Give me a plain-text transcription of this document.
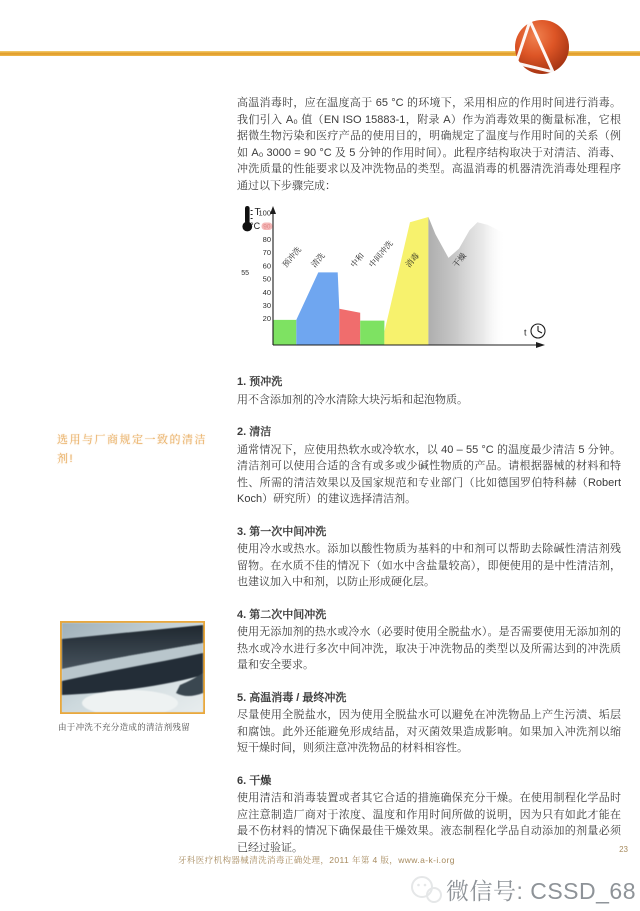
高温消毒时，应在温度高于 65 °C 的环境下，采用相应的作用时间进行消毒。我们引入 A₀ 值（EN ISO 15883-1，附录 A）作为消毒效果的衡量标准，它根据微生物污染和医疗产品的使用目的，明确规定了温度与作用时间的关系（例如 A₀ 3000 = 90 °C 及 5 分钟的作用时间）。此程序结构取决于对清洁、消毒、冲洗质量的性能要求以及冲洗物品的类型。高温消毒的机器清洗消毒处理程序通过以下步骤完成：

T
°C 90
100
80
70
60
55
50
40
30
20
预冲洗 清洗	中和 中间冲洗 消毒	干燥
t
1. 预冲洗

用不含添加剂的冷水清除大块污垢和起泡物质。

2. 清洁

通常情况下，应使用热软水或冷软水，以 40 – 55 °C 的温度最少清洁 5 分钟。清洁剂可以使用合适的含有或多或少碱性物质的产品。请根据器械的材料和特性、所需的清洁效果以及国家规范和专业部门（比如德国罗伯特科赫（Robert Koch）研究所）的建议选择清洁剂。

3. 第一次中间冲洗

使用冷水或热水。添加以酸性物质为基料的中和剂可以帮助去除碱性清洁剂残留物。在水质不佳的情况下（如水中含盐量较高），即便使用的是中性清洁剂，也建议加入中和剂，以防止形成硬化层。

4. 第二次中间冲洗

使用无添加剂的热水或冷水（必要时使用全脱盐水）。是否需要使用无添加剂的热水或冷水进行多次中间冲洗，取决于冲洗物品的类型以及所需达到的冲洗质量和安全要求。

5. 高温消毒 / 最终冲洗

尽量使用全脱盐水，因为使用全脱盐水可以避免在冲洗物品上产生污渍、垢层和腐蚀。此外还能避免形成结晶，对灭菌效果造成影响。如果加入冲洗剂以缩短干燥时间，则须注意冲洗物品的材料相容性。

6. 干燥

使用清洁和消毒装置或者其它合适的措施确保充分干燥。在使用制程化学品时应注意制造厂商对于浓度、温度和作用时间所做的说明，因为只有如此才能在最不伤材料的情况下确保最佳干燥效果。液态制程化学品自动添加的剂量必须已经过验证。

选用与厂商规定一致的清洁剂!
由于冲洗不充分造成的清洁剂残留
牙科医疗机构器械清洗消毒正确处理，2011 年第 4 版，www.a-k-i.org
23
微信号: CSSD_68
